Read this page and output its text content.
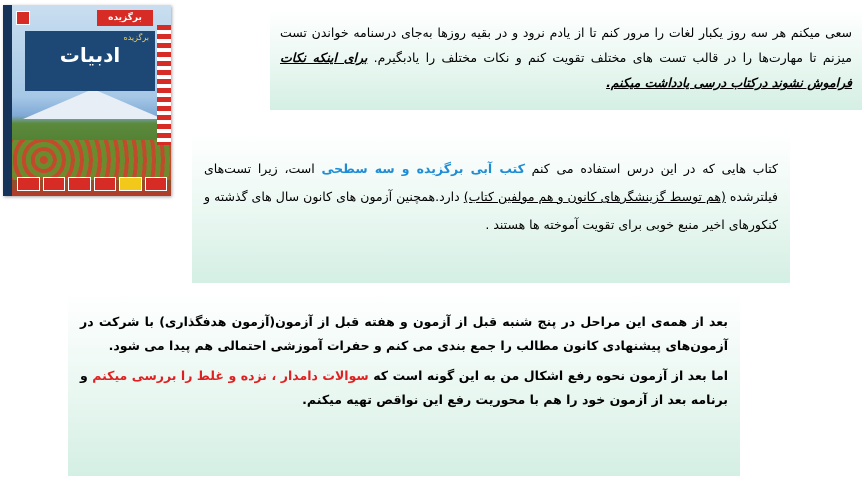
برگزیده
برگزیده
ادبیات

سعی میکنم هر سه روز یکبار لغات را مرور کنم تا از یادم نرود و در بقیه روزها به‌جای درسنامه خواندن تست میزنم تا مهارت‌ها را در قالب تست های مختلف تقویت کنم و نکات مختلف را یادبگیرم. برای اینکه نکات فراموش نشوند درکتاب درسی یادداشت میکنم.

کتاب هایی که در این درس استفاده می کنم کتب آبی برگزیده و سه سطحی است، زیرا تست‌های فیلترشده (هم توسط گزینشگرهای کانون و هم مولفین کتاب) دارد.همچنین آزمون های کانون سال های گذشته و کنکورهای اخیر منبع خوبی برای تقویت آموخته ها هستند .

بعد از همه‌ی این مراحل در پنج شنبه قبل از آزمون و هفته قبل از آزمون(آزمون هدفگذاری) با شرکت در آزمون‌های پیشنهادی کانون مطالب را جمع بندی می کنم و حفرات آموزشی احتمالی هم پیدا می شود.

اما بعد از آزمون نحوه رفع اشکال من به این گونه است که سوالات دامدار ، نزده و غلط را بررسی میکنم و برنامه بعد از آزمون خود را هم با محوریت رفع این نواقص تهیه میکنم.
